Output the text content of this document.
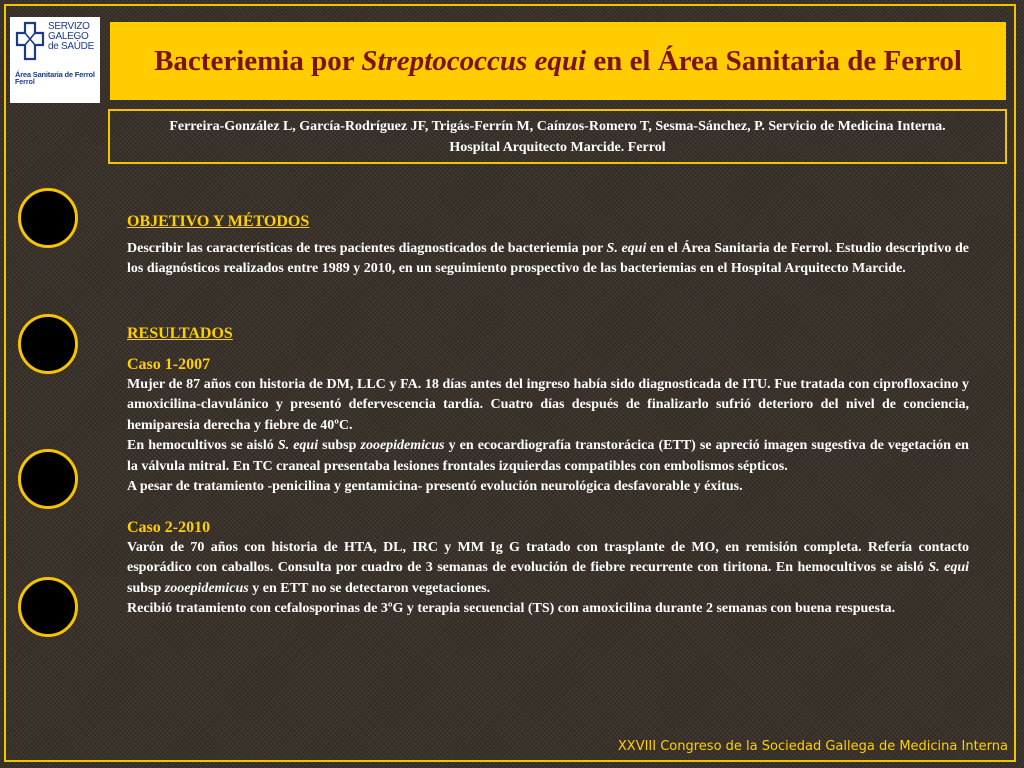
SERVIZO
GALEGO
de SAÚDE
Área Sanitaria de Ferrol
Ferrol
Bacteriemia por Streptococcus equi en el Área Sanitaria de Ferrol

Ferreira-González L, García-Rodríguez JF, Trigás-Ferrín M, Caínzos-Romero T, Sesma-Sánchez, P. Servicio de Medicina Interna. Hospital Arquitecto Marcide. Ferrol

OBJETIVO Y MÉTODOS

Describir las características de tres pacientes diagnosticados de bacteriemia por S. equi en el Área Sanitaria de Ferrol. Estudio descriptivo de los diagnósticos realizados entre 1989 y 2010, en un seguimiento prospectivo de las bacteriemias en el Hospital Arquitecto Marcide.

RESULTADOS

Caso 1-2007

Mujer de 87 años con historia de DM, LLC y FA. 18 días antes del ingreso había sido diagnosticada de ITU. Fue tratada con ciprofloxacino y amoxicilina-clavulánico y presentó defervescencia tardía. Cuatro días después de finalizarlo sufrió deterioro del nivel de conciencia, hemiparesia derecha y fiebre de 40ºC.

En hemocultivos se aisló S. equi subsp zooepidemicus y en ecocardiografía transtorácica (ETT) se apreció imagen sugestiva de vegetación en la válvula mitral. En TC craneal presentaba lesiones frontales izquierdas compatibles con embolismos sépticos.

A pesar de tratamiento -penicilina y gentamicina- presentó evolución neurológica desfavorable y éxitus.

Caso 2-2010

Varón de 70 años con historia de HTA, DL, IRC y MM Ig G tratado con trasplante de MO, en remisión completa. Refería contacto esporádico con caballos. Consulta por cuadro de 3 semanas de evolución de fiebre recurrente con tiritona. En hemocultivos se aisló S. equi subsp zooepidemicus y en ETT no se detectaron vegetaciones.

Recibió tratamiento con cefalosporinas de 3ºG y terapia secuencial (TS) con amoxicilina durante 2 semanas con buena respuesta.

XXVIII Congreso de la Sociedad Gallega de Medicina Interna
